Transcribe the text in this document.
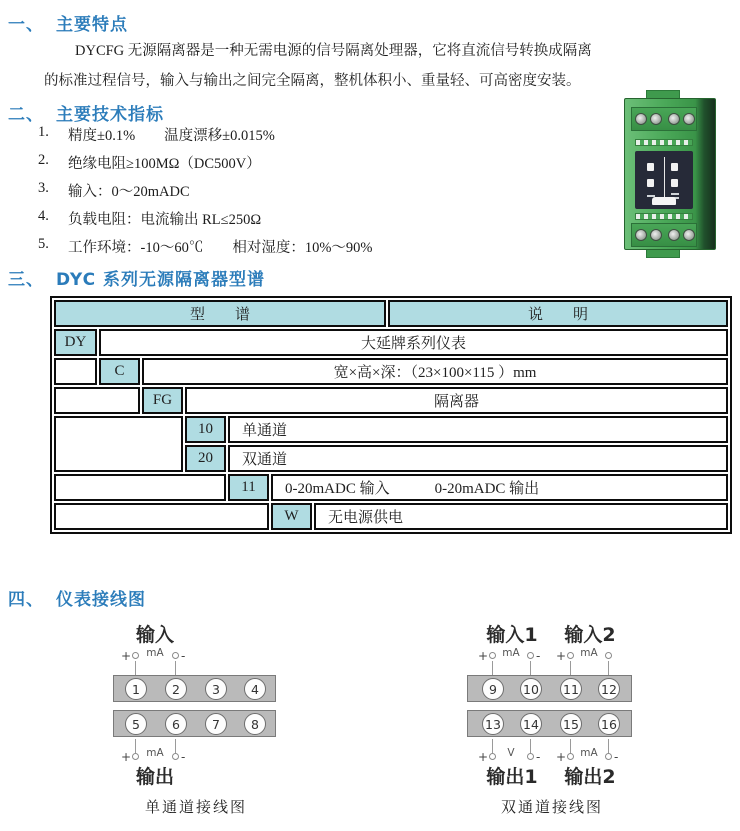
一、 主要特点
DYCFG 无源隔离器是一种无需电源的信号隔离处理器，它将直流信号转换成隔离
的标准过程信号，输入与输出之间完全隔离，整机体积小、重量轻、可高密度安装。
二、 主要技术指标
1.	精度±0.1%　　温度漂移±0.015%
2.	绝缘电阻≥100MΩ（DC500V）
3.	输入：0～20mADC
4.	负载电阻：电流输出 RL≤250Ω
5.	工作环境：-10～60℃　　相对湿度：10%～90%
三、 DYC 系列无源隔离器型谱
型　　谱							说　　明
DY	大延牌系列仪表						
	C	宽×高×深：（23×100×115 ）mm					
		FG	隔离器				
			10	单通道			
			20	双通道			
				11	0-20mADC 输入　　　0-20mADC 输出		
					W	无电源供电	
四、 仪表接线图
输入
mA
+	-
输出
mA
+	-
1	2	3	4
5	6	7	8
单通道接线图
输入1
mA
+	-
输入2
mA
+
输出1
V
+	-
输出2
mA
+	-
9	10 11 12
13 14 15 16
双通道接线图
